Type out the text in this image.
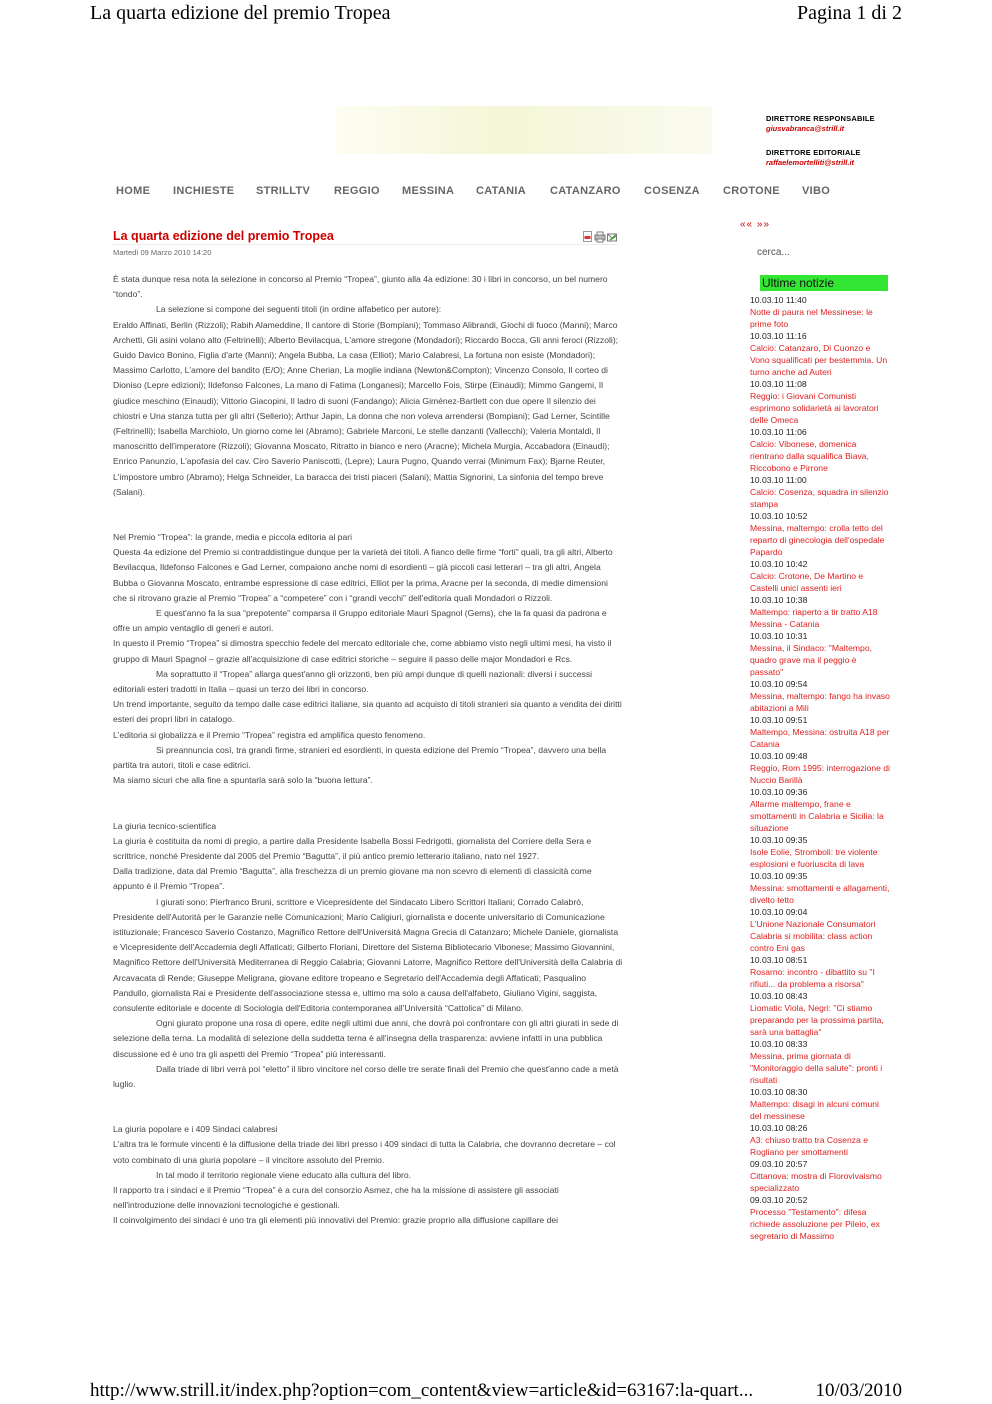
La quarta edizione del premio Tropea	Pagina 1 di 2
DIRETTORE RESPONSABILE
giusvabranca@strill.it
DIRETTORE EDITORIALE
raffaelemortelliti@strill.it
HOME INCHIESTE STRILLTV REGGIO MESSINA CATANIA CATANZARO COSENZA CROTONE VIBO
La quarta edizione del premio Tropea
Martedì 09 Marzo 2010 14:20

È stata dunque resa nota la selezione in concorso al Premio “Tropea”, giunto alla 4a edizione: 30 i libri in concorso, un bel numero “tondo”.

La selezione si compone dei seguenti titoli (in ordine alfabetico per autore):

Eraldo Affinati, Berlin (Rizzoli); Rabih Alameddine, Il cantore di Storie (Bompiani); Tommaso Alibrandi, Giochi di fuoco (Manni); Marco Archetti, Gli asini volano alto (Feltrinelli); Alberto Bevilacqua, L'amore stregone (Mondadori); Riccardo Bocca, Gli anni feroci (Rizzoli); Guido Davico Bonino, Figlia d'arte (Manni); Angela Bubba, La casa (Elliot); Mario Calabresi, La fortuna non esiste (Mondadori); Massimo Carlotto, L'amore del bandito (E/O); Anne Cherian, La moglie indiana (Newton&Compton); Vincenzo Consolo, Il corteo di Dioniso (Lepre edizioni); Ildefonso Falcones, La mano di Fatima (Longanesi); Marcello Fois, Stirpe (Einaudi); Mimmo Gangemi, Il giudice meschino (Einaudi); Vittorio Giacopini, Il ladro di suoni (Fandango); Alicia Giménez-Bartlett con due opere Il silenzio dei chiostri e Una stanza tutta per gli altri (Sellerio); Arthur Japin, La donna che non voleva arrendersi (Bompiani); Gad Lerner, Scintille (Feltrinelli); Isabella Marchiolo, Un giorno come lei (Abramo); Gabriele Marconi, Le stelle danzanti (Vallecchi); Valeria Montaldi, Il manoscritto dell'imperatore (Rizzoli); Giovanna Moscato, Ritratto in bianco e nero (Aracne); Michela Murgia, Accabadora (Einaudi); Enrico Panunzio, L'apofasia del cav. Ciro Saverio Paniscotti, (Lepre); Laura Pugno, Quando verrai (Minimum Fax); Bjarne Reuter, L'impostore umbro (Abramo); Helga Schneider, La baracca dei tristi piaceri (Salani); Mattia Signorini, La sinfonia del tempo breve (Salani).

Nel Premio “Tropea”: la grande, media e piccola editoria al pari

Questa 4a edizione del Premio si contraddistingue dunque per la varietà dei titoli. A fianco delle firme “forti” quali, tra gli altri, Alberto Bevilacqua, Ildefonso Falcones e Gad Lerner, compaiono anche nomi di esordienti – già piccoli casi letterari – tra gli altri, Angela Bubba o Giovanna Moscato, entrambe espressione di case editrici, Elliot per la prima, Aracne per la seconda, di medie dimensioni che si ritrovano grazie al Premio “Tropea” a “competere” con i “grandi vecchi” dell'editoria quali Mondadori o Rizzoli.

E quest'anno fa la sua “prepotente” comparsa il Gruppo editoriale Mauri Spagnol (Gems), che la fa quasi da padrona e offre un ampio ventaglio di generi e autori.

In questo il Premio “Tropea” si dimostra specchio fedele del mercato editoriale che, come abbiamo visto negli ultimi mesi, ha visto il gruppo di Mauri Spagnol – grazie all'acquisizione di case editrici storiche – seguire il passo delle major Mondadori e Rcs.

Ma soprattutto il “Tropea” allarga quest'anno gli orizzonti, ben più ampi dunque di quelli nazionali: diversi i successi editoriali esteri tradotti in Italia – quasi un terzo dei libri in concorso.

Un trend importante, seguito da tempo dalle case editrici italiane, sia quanto ad acquisto di titoli stranieri sia quanto a vendita dei diritti esteri dei propri libri in catalogo.

L'editoria si globalizza e il Premio “Tropea” registra ed amplifica questo fenomeno.

Si preannuncia così, tra grandi firme, stranieri ed esordienti, in questa edizione del Premio “Tropea”, davvero una bella partita tra autori, titoli e case editrici.

Ma siamo sicuri che alla fine a spuntarla sarà solo la “buona lettura”.

La giuria tecnico-scientifica

La giuria è costituita da nomi di pregio, a partire dalla Presidente Isabella Bossi Fedrigotti, giornalista del Corriere della Sera e scrittrice, nonché Presidente dal 2005 del Premio “Bagutta”, il più antico premio letterario italiano, nato nel 1927.

Dalla tradizione, data dal Premio “Bagutta”, alla freschezza di un premio giovane ma non scevro di elementi di classicità come appunto è il Premio “Tropea”.

I giurati sono: Pierfranco Bruni, scrittore e Vicepresidente del Sindacato Libero Scrittori Italiani; Corrado Calabrò, Presidente dell'Autorità per le Garanzie nelle Comunicazioni; Mario Caligiuri, giornalista e docente universitario di Comunicazione istituzionale; Francesco Saverio Costanzo, Magnifico Rettore dell'Università Magna Grecia di Catanzaro; Michele Daniele, giornalista e Vicepresidente dell'Accademia degli Affaticati; Gilberto Floriani, Direttore del Sistema Bibliotecario Vibonese; Massimo Giovannini, Magnifico Rettore dell'Università Mediterranea di Reggio Calabria; Giovanni Latorre, Magnifico Rettore dell'Università della Calabria di Arcavacata di Rende; Giuseppe Meligrana, giovane editore tropeano e Segretario dell'Accademia degli Affaticati; Pasqualino Pandullo, giornalista Rai e Presidente dell'associazione stessa e, ultimo ma solo a causa dell'alfabeto, Giuliano Vigini, saggista, consulente editoriale e docente di Sociologia dell'Editoria contemporanea all'Università “Cattolica” di Milano.

Ogni giurato propone una rosa di opere, edite negli ultimi due anni, che dovrà poi confrontare con gli altri giurati in sede di selezione della terna. La modalità di selezione della suddetta terna è all'insegna della trasparenza: avviene infatti in una pubblica discussione ed è uno tra gli aspetti del Premio “Tropea” più interessanti.

Dalla triade di libri verrà poi “eletto” il libro vincitore nel corso delle tre serate finali del Premio che quest'anno cade a metà luglio.

La giuria popolare e i 409 Sindaci calabresi

L'altra tra le formule vincenti è la diffusione della triade dei libri presso i 409 sindaci di tutta la Calabria, che dovranno decretare – col voto combinato di una giuria popolare – il vincitore assoluto del Premio.

In tal modo il territorio regionale viene educato alla cultura del libro.

Il rapporto tra i sindaci e il Premio “Tropea” è a cura del consorzio Asmez, che ha la missione di assistere gli associati nell'introduzione delle innovazioni tecnologiche e gestionali.

Il coinvolgimento dei sindaci è uno tra gli elementi più innovativi del Premio: grazie proprio alla diffusione capillare dei

«« »»
cerca...
Ultime notizie
10.03.10 11:40
Notte di paura nel Messinese: le prime foto
10.03.10 11:16
Calcio: Catanzaro, Di Cuonzo e Vono squalificati per bestemmia. Un turno anche ad Auteri
10.03.10 11:08
Reggio: i Giovani Comunisti esprimono solidarietà ai lavoratori delle Omeca
10.03.10 11:06
Calcio: Vibonese, domenica rientrano dalla squalifica Biava, Riccobono e Pirrone
10.03.10 11:00
Calcio: Cosenza, squadra in silenzio stampa
10.03.10 10:52
Messina, maltempo: crolla tetto del reparto di ginecologia dell'ospedale Papardo
10.03.10 10:42
Calcio: Crotone, De Martino e Castelli unici assenti ieri
10.03.10 10:38
Maltempo: riaperto a tir tratto A18 Messina - Catania
10.03.10 10:31
Messina, il Sindaco: "Maltempo, quadro grave ma il peggio è passato"
10.03.10 09:54
Messina, maltempo: fango ha invaso abitazioni a Mili
10.03.10 09:51
Maltempo, Messina: ostruita A18 per Catania
10.03.10 09:48
Reggio, Rom 1995: interrogazione di Nuccio Barillà
10.03.10 09:36
Allarme maltempo, frane e smottamenti in Calabria e Sicilia: la situazione
10.03.10 09:35
Isole Eolie, Stromboli: tre violente esplosioni e fuoriuscita di lava
10.03.10 09:35
Messina: smottamenti e allagamenti, divelto tetto
10.03.10 09:04
L'Unione Nazionale Consumatori Calabria si mobilita: class action contro Eni gas
10.03.10 08:51
Rosarno: incontro - dibattito su "I rifiuti... da problema a risorsa"
10.03.10 08:43
Liomatic Viola, Negri: "Ci stiamo preparando per la prossima partita, sarà una battaglia"
10.03.10 08:33
Messina, prima giornata di "Monitoraggio della salute": pronti i risultati
10.03.10 08:30
Maltempo: disagi in alcuni comuni del messinese
10.03.10 08:26
A3: chiuso tratto tra Cosenza e Rogliano per smottamenti
09.03.10 20:57
Cittanova: mostra di Florovivaismo specializzato
09.03.10 20:52
Processo "Testamento": difesa richiede assoluzione per Pileio, ex segretario di Massimo
http://www.strill.it/index.php?option=com_content&view=article&id=63167:la-quart...	10/03/2010
